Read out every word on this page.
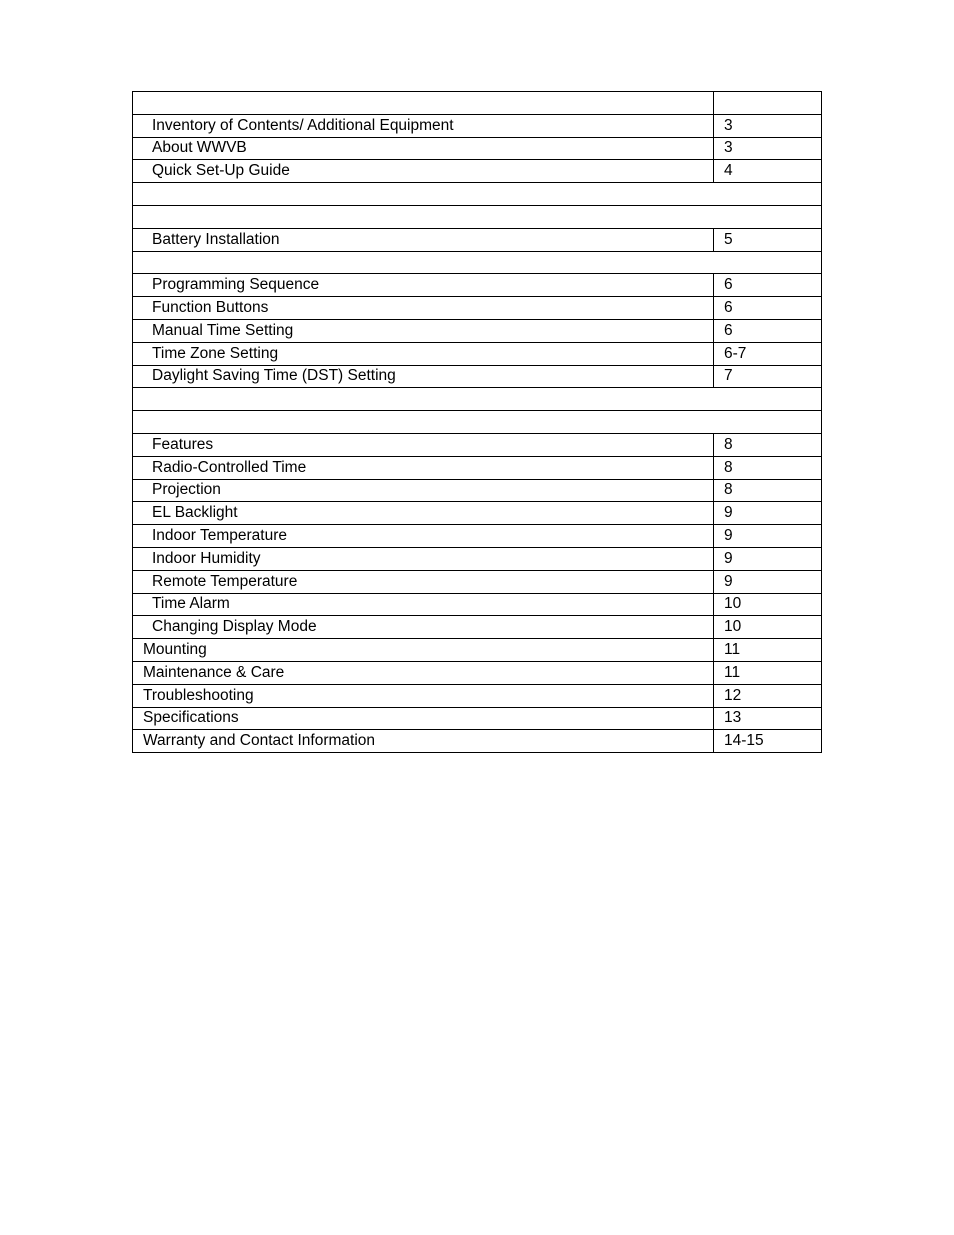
Inventory of Contents/ Additional Equipment	3
About WWVB	3
Quick Set-Up Guide	4

Battery Installation	5

Programming Sequence	6
Function Buttons	6
Manual Time Setting	6
Time Zone Setting	6-7
Daylight Saving Time (DST) Setting	7

Features	8
Radio-Controlled Time	8
Projection	8
EL Backlight	9
Indoor Temperature	9
Indoor Humidity	9
Remote Temperature	9
Time Alarm	10
Changing Display Mode	10
Mounting	11
Maintenance & Care	11
Troubleshooting	12
Specifications	13
Warranty and Contact Information	14-15
